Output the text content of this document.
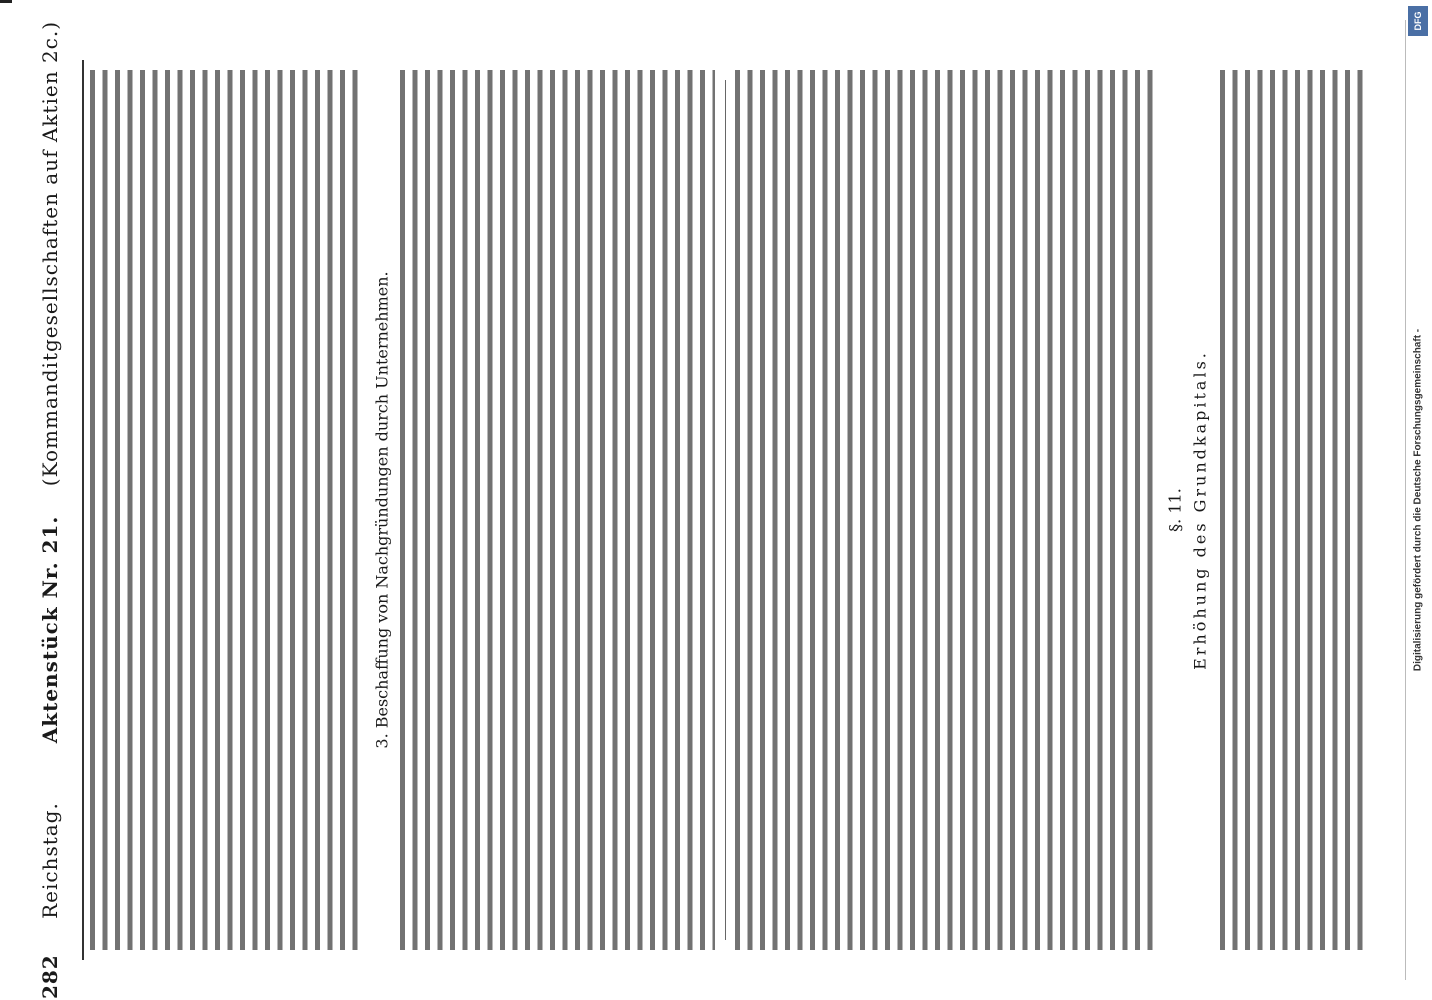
282 Reichstag.        Aktenstück Nr. 21.    (Kommanditgesellschaften auf Aktien 2c.)
3. Beschaffung von Nachgründungen durch Unternehmen.	§. 11. Erhöhung des Grundkapitals.	Digitalisierung gefördert durch die Deutsche Forschungsgemeinschaft -
DFG
